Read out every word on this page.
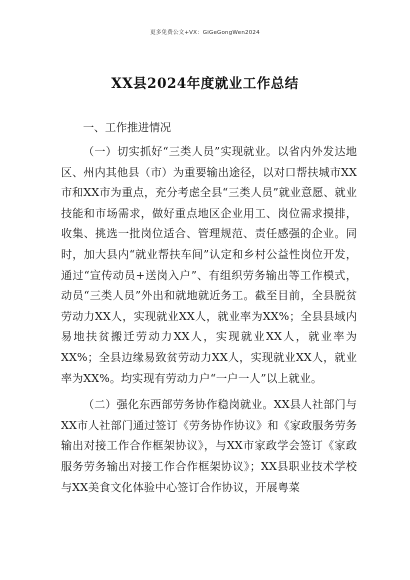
更多免费公文+VX：GiGeGongWen2024
XX县2024年度就业工作总结
一、工作推进情况

（一）切实抓好“三类人员”实现就业。以省内外发达地区、州内其他县（市）为重要输出途径，以对口帮扶城市XX市和XX市为重点，充分考虑全县“三类人员”就业意愿、就业技能和市场需求，做好重点地区企业用工、岗位需求摸排，收集、挑选一批岗位适合、管理规范、责任感强的企业。同时，加大县内“就业帮扶车间”认定和乡村公益性岗位开发，通过“宣传动员+送岗入户”、有组织劳务输出等工作模式，动员“三类人员”外出和就地就近务工。截至目前，全县脱贫劳动力XX人，实现就业XX人，就业率为XX%；全县县域内易地扶贫搬迁劳动力XX人，实现就业XX人，就业率为XX%；全县边缘易致贫劳动力XX人，实现就业XX人，就业率为XX%。均实现有劳动力户“一户一人”以上就业。

（二）强化东西部劳务协作稳岗就业。XX县人社部门与XX市人社部门通过签订《劳务协作协议》和《家政服务劳务输出对接工作合作框架协议》，与XX市家政学会签订《家政服务劳务输出对接工作合作框架协议》；XX县职业技术学校与XX美食文化体验中心签订合作协议，开展粤菜
